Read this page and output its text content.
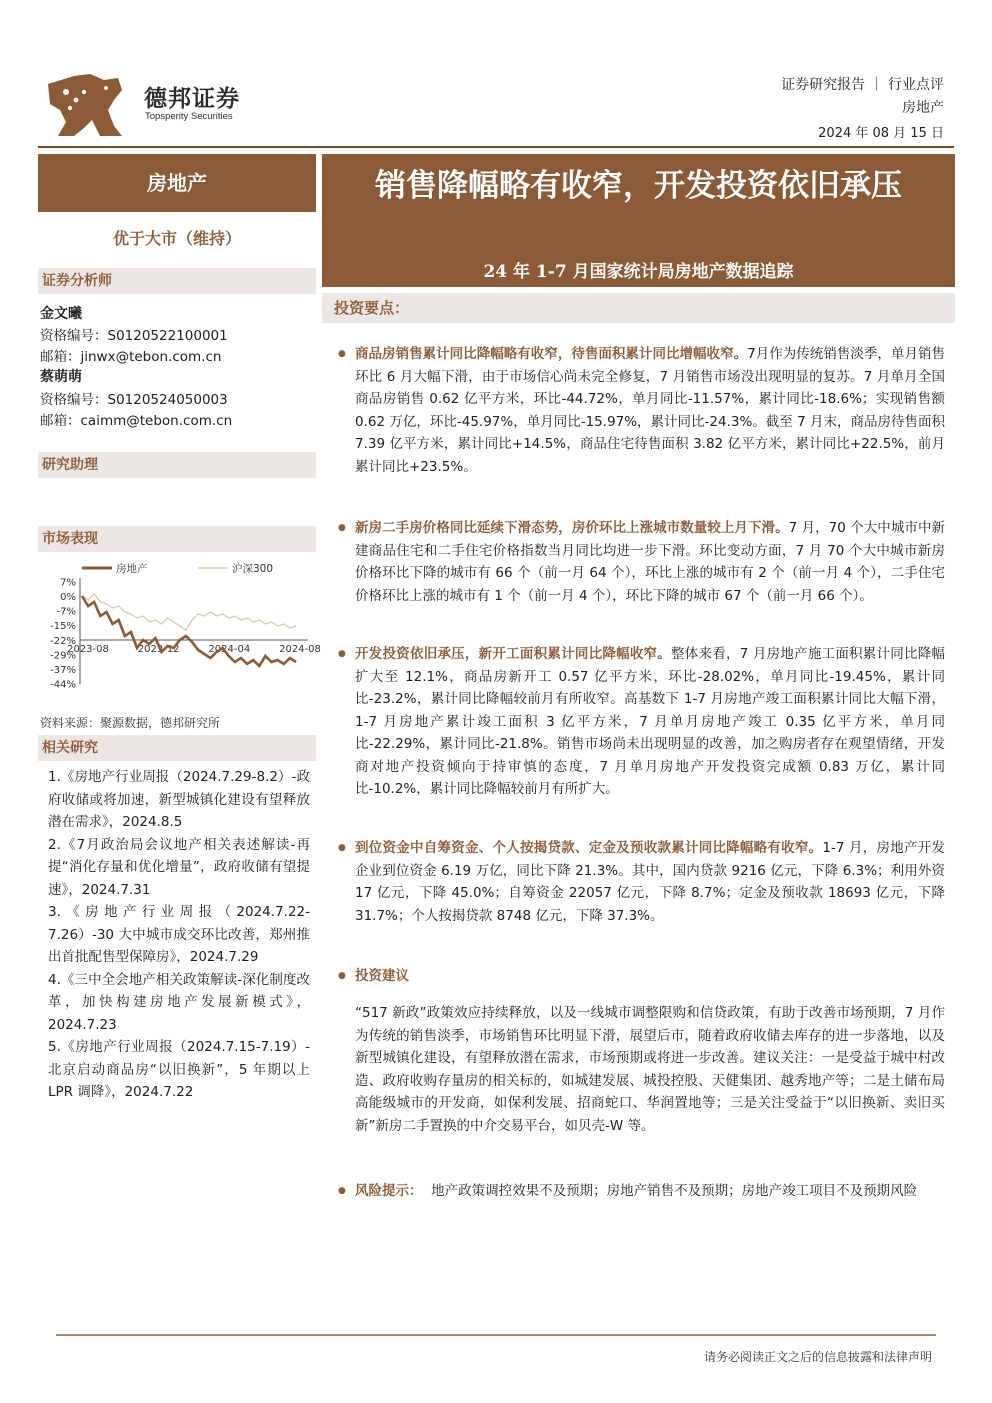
德邦证券
Topsperity Securities
证券研究报告 ｜ 行业点评
房地产
2024 年 08 月 15 日
房地产
优于大市（维持）
证券分析师
金文曦
资格编号：S0120522100001
邮箱：jinwx@tebon.com.cn
蔡萌萌
资格编号：S0120524050003
邮箱：caimm@tebon.com.cn
研究助理
市场表现
房地产	沪深300
7%
0%
-7%
-15%
-22%
-29%
-37%
-44%
2023-08	2023-12	2024-04	2024-08
资料来源：聚源数据，德邦研究所
相关研究
1.《房地产行业周报（2024.7.29-8.2）-政府收储或将加速，新型城镇化建设有望释放潜在需求》，2024.8.5
2.《7月政治局会议地产相关表述解读-再提“消化存量和优化增量”，政府收储有望提速》，2024.7.31
3.《房地产行业周报（2024.7.22-7.26）-30 大中城市成交环比改善，郑州推出首批配售型保障房》，2024.7.29
4.《三中全会地产相关政策解读-深化制度改革，加快构建房地产发展新模式》，2024.7.23
5.《房地产行业周报（2024.7.15-7.19）-北京启动商品房“以旧换新”，5 年期以上 LPR 调降》，2024.7.22
销售降幅略有收窄，开发投资依旧承压
24 年 1-7 月国家统计局房地产数据追踪
投资要点：
● 商品房销售累计同比降幅略有收窄，待售面积累计同比增幅收窄。7月作为传统销售淡季，单月销售环比 6 月大幅下滑，由于市场信心尚未完全修复，7 月销售市场没出现明显的复苏。7 月单月全国商品房销售 0.62 亿平方米，环比-44.72%，单月同比-11.57%，累计同比-18.6%；实现销售额 0.62 万亿，环比-45.97%，单月同比-15.97%，累计同比-24.3%。截至 7 月末，商品房待售面积 7.39 亿平方米，累计同比+14.5%，商品住宅待售面积 3.82 亿平方米，累计同比+22.5%，前月累计同比+23.5%。
● 新房二手房价格同比延续下滑态势，房价环比上涨城市数量较上月下滑。7 月，70 个大中城市中新建商品住宅和二手住宅价格指数当月同比均进一步下滑。环比变动方面，7 月 70 个大中城市新房价格环比下降的城市有 66 个（前一月 64 个），环比上涨的城市有 2 个（前一月 4 个），二手住宅价格环比上涨的城市有 1 个（前一月 4 个），环比下降的城市 67 个（前一月 66 个）。
● 开发投资依旧承压，新开工面积累计同比降幅收窄。整体来看，7 月房地产施工面积累计同比降幅扩大至 12.1%，商品房新开工 0.57 亿平方米，环比-28.02%，单月同比-19.45%，累计同比-23.2%，累计同比降幅较前月有所收窄。高基数下 1-7 月房地产竣工面积累计同比大幅下滑，1-7 月房地产累计竣工面积 3 亿平方米，7 月单月房地产竣工 0.35 亿平方米，单月同比-22.29%，累计同比-21.8%。销售市场尚未出现明显的改善，加之购房者存在观望情绪，开发商对地产投资倾向于持审慎的态度，7 月单月房地产开发投资完成额 0.83 万亿，累计同比-10.2%，累计同比降幅较前月有所扩大。
● 到位资金中自筹资金、个人按揭贷款、定金及预收款累计同比降幅略有收窄。1-7 月，房地产开发企业到位资金 6.19 万亿，同比下降 21.3%。其中，国内贷款 9216 亿元，下降 6.3%；利用外资 17 亿元，下降 45.0%；自筹资金 22057 亿元，下降 8.7%；定金及预收款 18693 亿元，下降 31.7%；个人按揭贷款 8748 亿元，下降 37.3%。
● 投资建议
“517 新政”政策效应持续释放，以及一线城市调整限购和信贷政策，有助于改善市场预期，7 月作为传统的销售淡季，市场销售环比明显下滑，展望后市，随着政府收储去库存的进一步落地，以及新型城镇化建设，有望释放潜在需求，市场预期或将进一步改善。建议关注：一是受益于城中村改造、政府收购存量房的相关标的，如城建发展、城投控股、天健集团、越秀地产等；二是土储布局高能级城市的开发商，如保利发展、招商蛇口、华润置地等；三是关注受益于“以旧换新、卖旧买新”新房二手置换的中介交易平台，如贝壳-W 等。
● 风险提示： 地产政策调控效果不及预期；房地产销售不及预期；房地产竣工项目不及预期风险
请务必阅读正文之后的信息披露和法律声明
